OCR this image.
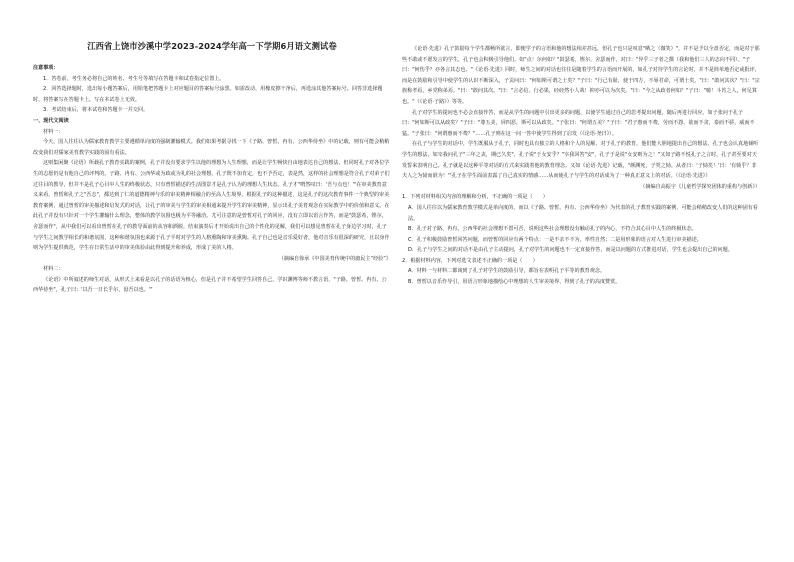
江西省上饶市沙溪中学2023-2024学年高一下学期6月语文测试卷

注意事项：

1．答卷前，考生务必将自己的姓名、考生号等填写在答题卡和试卷指定位置上。

2．回答选择题时，选出每小题答案后，用铅笔把答题卡上对应题目的答案标号涂黑。如需改动，用橡皮擦干净后，再选涂其他答案标号。回答非选择题时，将答案写在答题卡上。写在本试卷上无效。

3．考试结束后，将本试卷和答题卡一并交回。

一、现代文阅读

材料一：

今天，国人往往认为儒家教育教学主要遵循单向度的强制灌输模式。我们如果考据寻找一下《子路、曾皙、冉有、公西华侍坐》中的记载，则有可能会稍稍改变我们对儒家美育教学实践的固有看法。

这则集闲聚《论语》所载孔子教育实践的案例，孔子并没有要求学生以他的理想为人生理想，而是让学生畅快自由地表达自己的想法，但同时孔子对各位学生的志愿仍是有他自己的评判的。子路、冉有、公西华或为政或为礼的社会理想，孔子既不加肯定，也不予否定，表是然，这样的社会理想是符合孔子对弟子们过往目的教导，但并不是孔子心目中人生的终极状态，只有曾皙描述的生活图景才是孔子认为的理想人生状态。孔子才"喟然叹曰：'吾与点也！'"在审美教育意义来看，曾皙和孔子之"吾志"，都达到了仁的道德精神与乐的审美精神相融合的至高人生境界。根据孔子的这种描述，这是孔子的这次教育事件一个典型的审美教育案例，通过曾皙的审美描述和启发式的对话，让孔子的审美与学生的审美相通来提升学生的审美精神，显示出孔子美育观念在实际教学中的价值和意义。在此孔子并没有只针对一个学生灌输什么理念，整体的教学氛围也极为平等融洽。尤可注意的是曾皙对孔子的回应，没有立即以语言作答，而是"鼓瑟希，铿尔，舍瑟而作"，从中我们可以看出曾皙在孔子的教导面前的从容和洒脱，结束演奏后才开始说出自己的个性化的见解，我们可以想见曾皙在孔子身边学习时，孔子与学生之间教学相长的和谐氛围，这种和谐氛围也来源于孔子平时对学生的人格熏陶和审美熏陶。孔子自己也是音乐爱好者，他对音乐有很深的研究，且以身作则为学生提供典范，学生在日常生活中的审美体验由此得到提升和养成，形成了美的人格。

（摘编自徐承《中国美育传统中的庸民主“经验”》

材料二：

《论语》中所叙述的师生对话，从形式上来看是以孔子的话语为核心，但是孔子并不希望学生回答自己，学识渊博等师不教言语，"子路、曾皙、冉有、公西华侍坐"，孔子曰：'以吾一日长乎尔，毋吾以也。'"

《论语·先进》孔子鼓励每个学生都畅所欲言，即便学子的言语和他的想法相差甚远，但孔子也只是叹息"哂之（微笑）"，并不是予以全盘否定，而是对于那些不敢或不愿发言的学生，孔子也会积极引导他们。如"点！尔何如？"鼓瑟希，铿尔，舍瑟而作，对曰："异乎三子者之撰（我和他们三人的志向不同）。"子曰："何伤乎？亦各言其志也。"《论语·先进》同时，师生之间的对话也往往是随着学生的言语而开展的，如孔子对待学生的言论时，并不是简单地否定或批评，而是在鼓励和引导中使学生的认识不断深入，子贡问曰："何如斯可谓之士矣？"子曰："行己有耻，使于四方，不辱君命，可谓士矣。"曰："敢问其次？"曰："宗族称孝焉，乡党称弟焉。"曰："敢问其次。"曰："言必信，行必果，硁硁然小人哉！抑亦可以为次矣。"曰："今之从政者何如？"子曰："噫！斗筲之人，何足算也。"（《论语·子路》）等等。

孔子对学生的提问也不必会直接作答，而是从学生的问题中引出更多的问题，以使学生通过自己的思考提出问题，随后再进行回应。如子张问于孔子曰："何如斯可以从政矣？"子曰："尊五美，屏四恶，斯可以从政矣。"子张曰："何谓五美？"子曰："君子惠而不费，劳而不怨，欲而不贪，泰而不骄，威而不猛。"子张曰："何谓惠而不费？"……孔子则在这一问一答中使学生得到了启发（《论语·尧曰》）。

在孔子与学生的对话中，学生既服从于孔子，同时也具有独立的人格和个人的见解，对于孔子的教育，他们能大胆地提出自己的想法，孔子也会认真地倾听学生的想法，如宰我问孔子"三年之丧，期已久矣"，孔子说"于女安乎？"宰我回答"安"，孔子于是说"女安则为之！"又如子路不悦孔子之言时，孔子甚至要对天发誓来表明自己。孔子就是以这种平等对话的方式来实践着他的教育理念。又如《论语·先进》记载，"颜渊死，子哭之恸。从者曰：'子恸矣！'曰：'有恸乎？非夫人之为恸而谁为！'"孔子在学生面前表露了自己真实的情感……从而使孔子与学生的对话成为了一种真正意义上的对话。（《论语·先进》）

（摘编自高振宇《儿童哲学探究团体的重构与创新》）

1．下列对材料相关内容的理解和分析，不正确的一项是（　　）

A．国人往往以为儒家教育教学模式是单向度的，而以《子路、曾皙、冉有、公西华侍坐》为代表的孔子教育实践的案例，可能会稍稍改变人们的这种固有看法。

B．孔子对子路、冉有、公西华的社会理想不置可否，说明这些社会理想没有触动孔子的内心，不符合其心目中人生的终极状态。

C．孔子积极鼓励曾皙回答问题，而曾皙的回应有两个特点：一是不亲不不为，率性自然；二是用形象的语言对人生进行审美描述。

D．孔子与学生之间的对话不是由孔子主动提问，孔子对学生的问题也不一定直接作答，而是以问题的方式推进对话，学生也会提出自己的问题。

2．根据材料内容，下列对选文表述不正确的一项是（　　）

A．材料一与材料二都谈到了孔子对学生的鼓励引导，都旨在表明孔子平等的教育观念。

B．曾皙以音乐作导引，用语言形象地描绘心中理想的人生审美境界，得到了孔子的高度赞赏。
